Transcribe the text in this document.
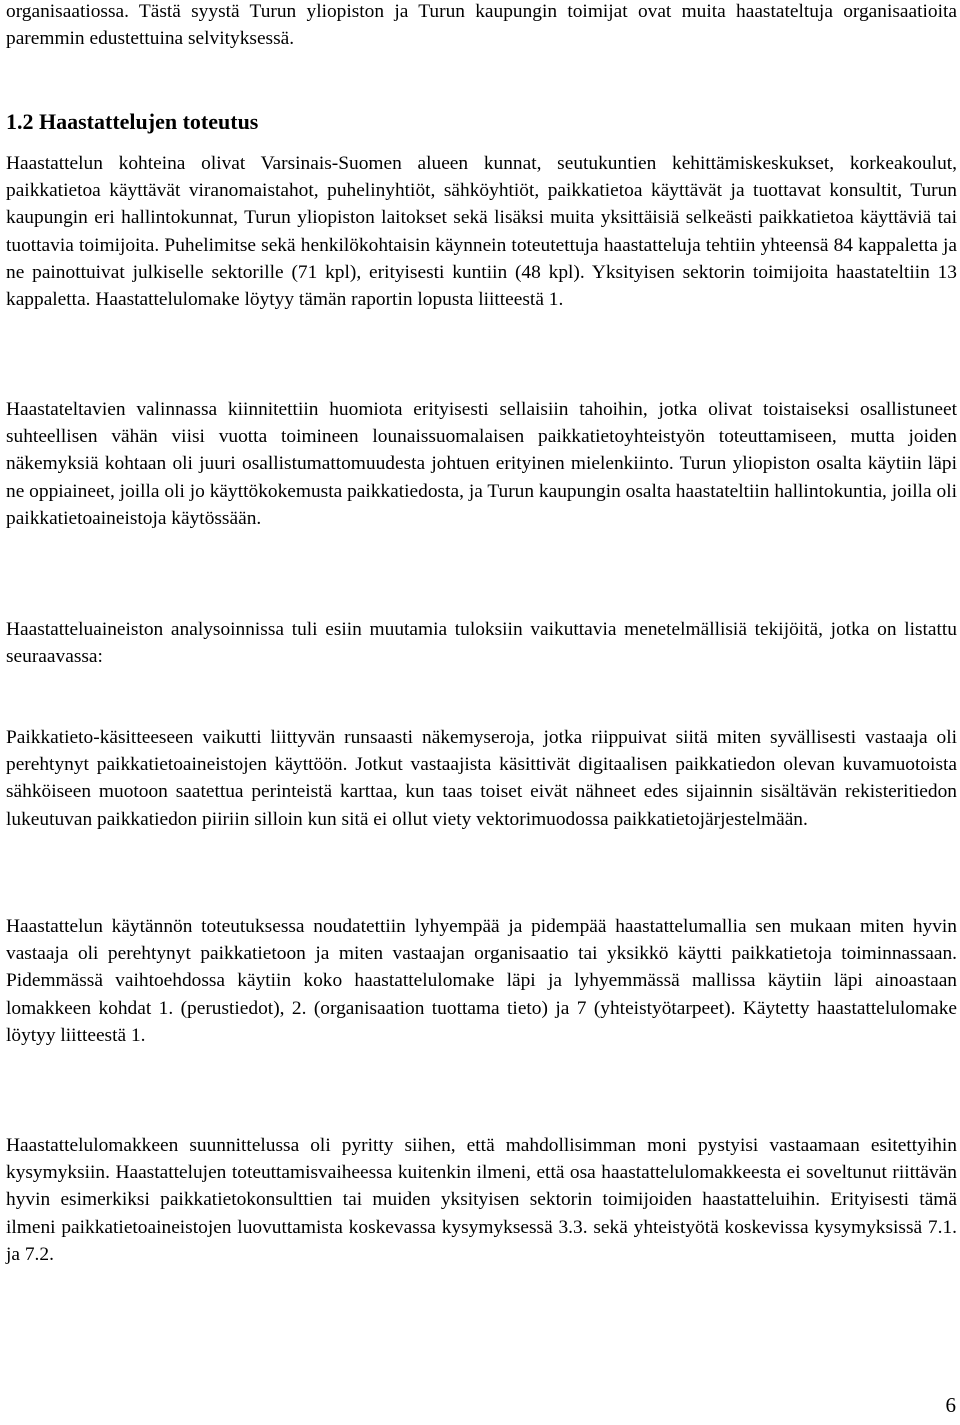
organisaatiossa. Tästä syystä Turun yliopiston ja Turun kaupungin toimijat ovat muita haastateltuja organisaatioita paremmin edustettuina selvityksessä.

1.2 Haastattelujen toteutus

Haastattelun kohteina olivat Varsinais-Suomen alueen kunnat, seutukuntien kehittämiskeskukset, korkeakoulut, paikkatietoa käyttävät viranomaistahot, puhelinyhtiöt, sähköyhtiöt, paikkatietoa käyttävät ja tuottavat konsultit, Turun kaupungin eri hallintokunnat, Turun yliopiston laitokset sekä lisäksi muita yksittäisiä selkeästi paikkatietoa käyttäviä tai tuottavia toimijoita. Puhelimitse sekä henkilökohtaisin käynnein toteutettuja haastatteluja tehtiin yhteensä 84 kappaletta ja ne painottuivat julkiselle sektorille (71 kpl), erityisesti kuntiin (48 kpl). Yksityisen sektorin toimijoita haastateltiin 13 kappaletta. Haastattelulomake löytyy tämän raportin lopusta liitteestä 1.

Haastateltavien valinnassa kiinnitettiin huomiota erityisesti sellaisiin tahoihin, jotka olivat toistaiseksi osallistuneet suhteellisen vähän viisi vuotta toimineen lounaissuomalaisen paikkatietoyhteistyön toteuttamiseen, mutta joiden näkemyksiä kohtaan oli juuri osallistumattomuudesta johtuen erityinen mielenkiinto. Turun yliopiston osalta käytiin läpi ne oppiaineet, joilla oli jo käyttökokemusta paikkatiedosta, ja Turun kaupungin osalta haastateltiin hallintokuntia, joilla oli paikkatietoaineistoja käytössään.

Haastatteluaineiston analysoinnissa tuli esiin muutamia tuloksiin vaikuttavia menetelmällisiä tekijöitä, jotka on listattu seuraavassa:

Paikkatieto-käsitteeseen vaikutti liittyvän runsaasti näkemyseroja, jotka riippuivat siitä miten syvällisesti vastaaja oli perehtynyt paikkatietoaineistojen käyttöön. Jotkut vastaajista käsittivät digitaalisen paikkatiedon olevan kuvamuotoista sähköiseen muotoon saatettua perinteistä karttaa, kun taas toiset eivät nähneet edes sijainnin sisältävän rekisteritiedon lukeutuvan paikkatiedon piiriin silloin kun sitä ei ollut viety vektorimuodossa paikkatietojärjestelmään.

Haastattelun käytännön toteutuksessa noudatettiin lyhyempää ja pidempää haastattelumallia sen mukaan miten hyvin vastaaja oli perehtynyt paikkatietoon ja miten vastaajan organisaatio tai yksikkö käytti paikkatietoja toiminnassaan. Pidemmässä vaihtoehdossa käytiin koko haastattelulomake läpi ja lyhyemmässä mallissa käytiin läpi ainoastaan lomakkeen kohdat 1. (perustiedot), 2. (organisaation tuottama tieto) ja 7 (yhteistyötarpeet). Käytetty haastattelulomake löytyy liitteestä 1.

Haastattelulomakkeen suunnittelussa oli pyritty siihen, että mahdollisimman moni pystyisi vastaamaan esitettyihin kysymyksiin. Haastattelujen toteuttamisvaiheessa kuitenkin ilmeni, että osa haastattelulomakkeesta ei soveltunut riittävän hyvin esimerkiksi paikkatietokonsulttien tai muiden yksityisen sektorin toimijoiden haastatteluihin. Erityisesti tämä ilmeni paikkatietoaineistojen luovuttamista koskevassa kysymyksessä 3.3. sekä yhteistyötä koskevissa kysymyksissä 7.1. ja 7.2.

6
